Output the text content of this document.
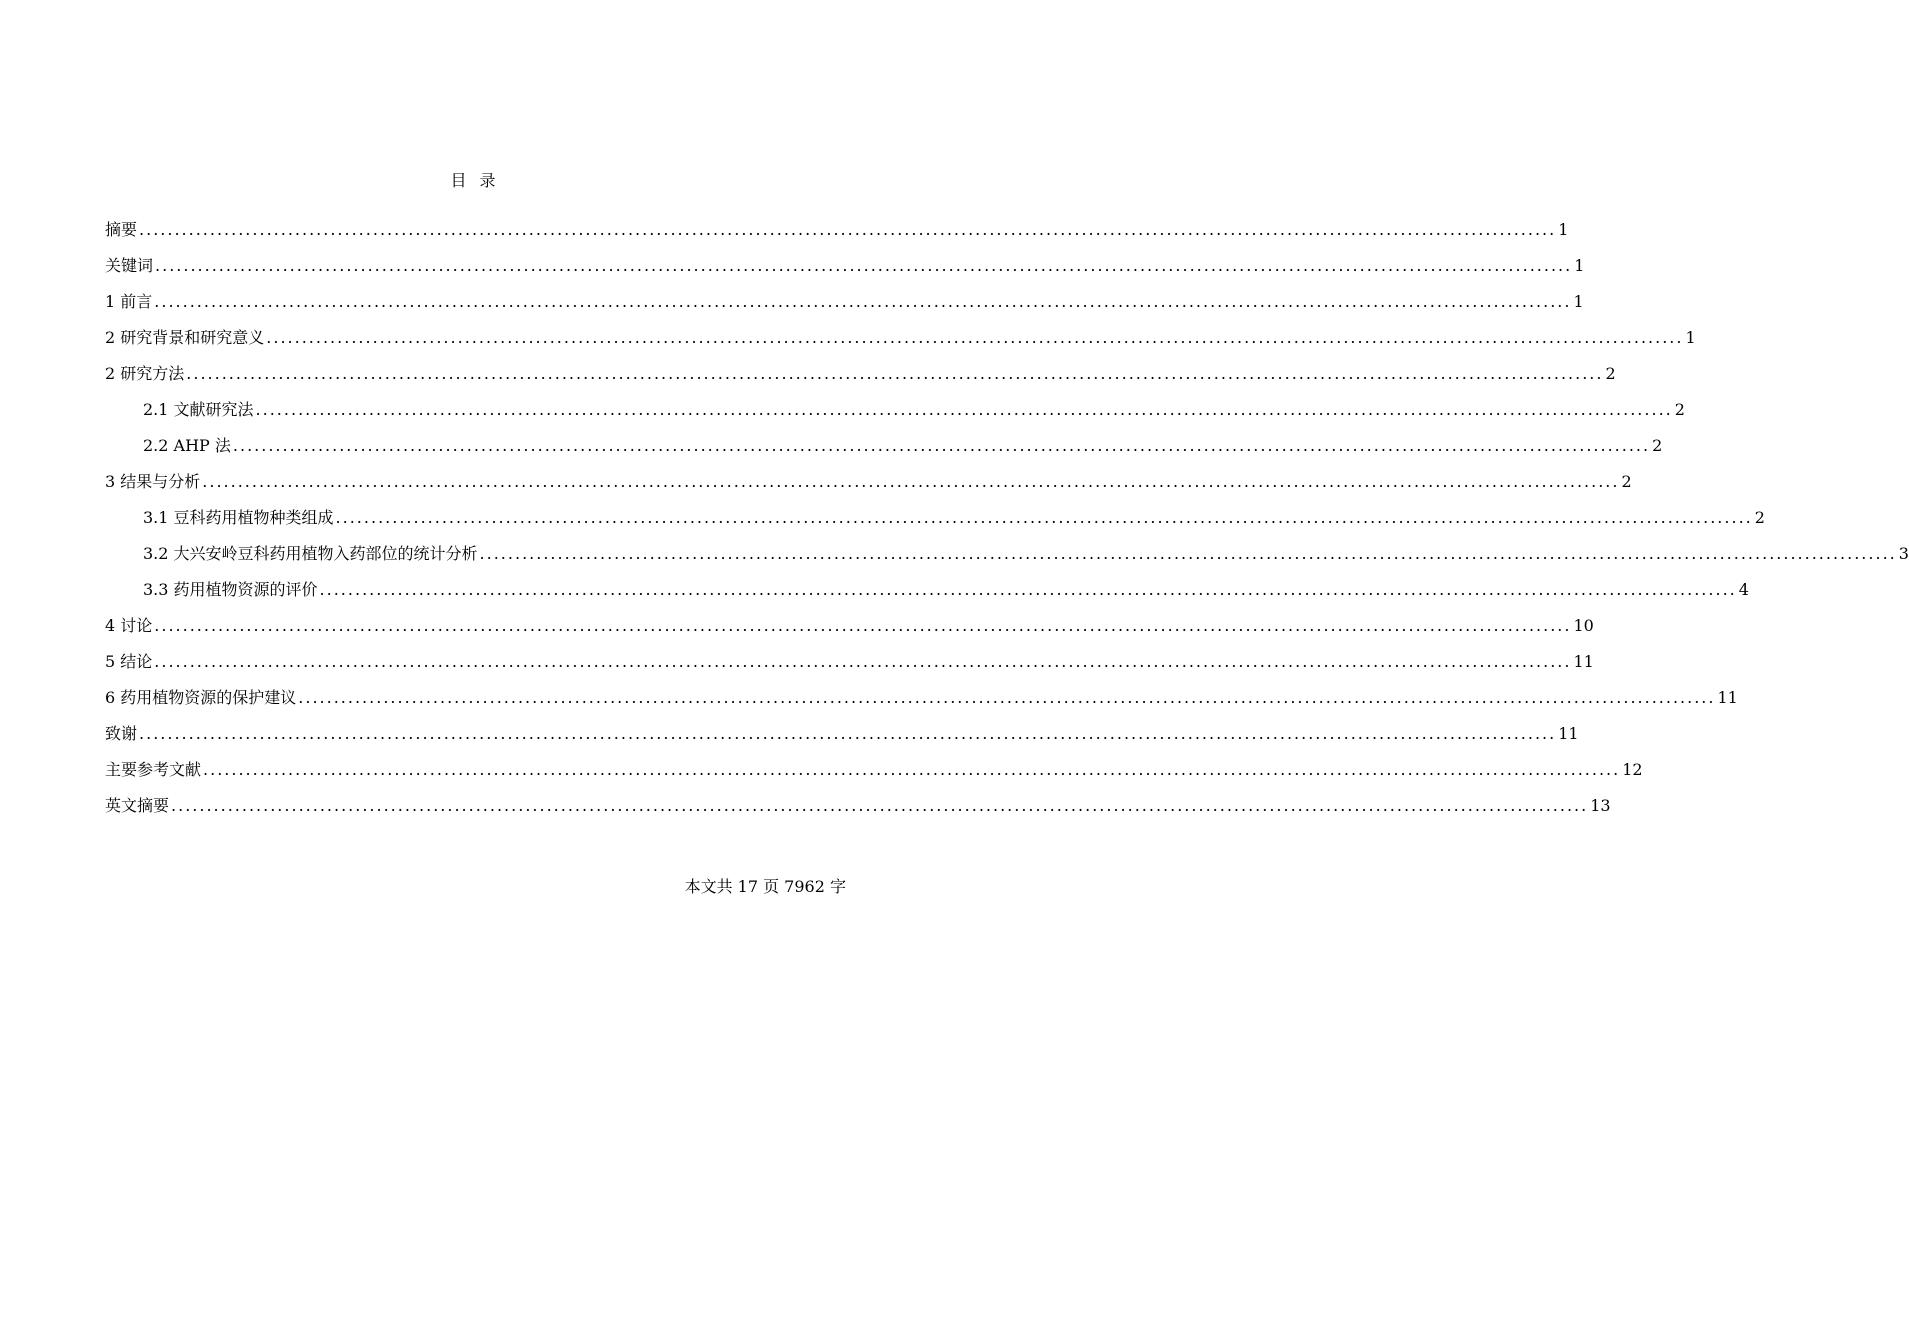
目 录
摘要 ........................................................................................................................................................................................................ 1
关键词 ........................................................................................................................................................................................................ 1
1 前言 ........................................................................................................................................................................................................ 1
2 研究背景和研究意义 ........................................................................................................................................................................................................ 1
2 研究方法 ........................................................................................................................................................................................................ 2
2.1 文献研究法 ........................................................................................................................................................................................................ 2
2.2 AHP 法 ........................................................................................................................................................................................................ 2
3 结果与分析 ........................................................................................................................................................................................................ 2
3.1 豆科药用植物种类组成 ........................................................................................................................................................................................................ 2
3.2 大兴安岭豆科药用植物入药部位的统计分析 ........................................................................................................................................................................................................ 3
3.3 药用植物资源的评价 ........................................................................................................................................................................................................ 4
4 讨论 ........................................................................................................................................................................................................ 10
5 结论 ........................................................................................................................................................................................................ 11
6 药用植物资源的保护建议 ........................................................................................................................................................................................................ 11
致谢 ........................................................................................................................................................................................................ 11
主要参考文献 ........................................................................................................................................................................................................ 12
英文摘要 ........................................................................................................................................................................................................ 13
本文共 17 页 7962 字
